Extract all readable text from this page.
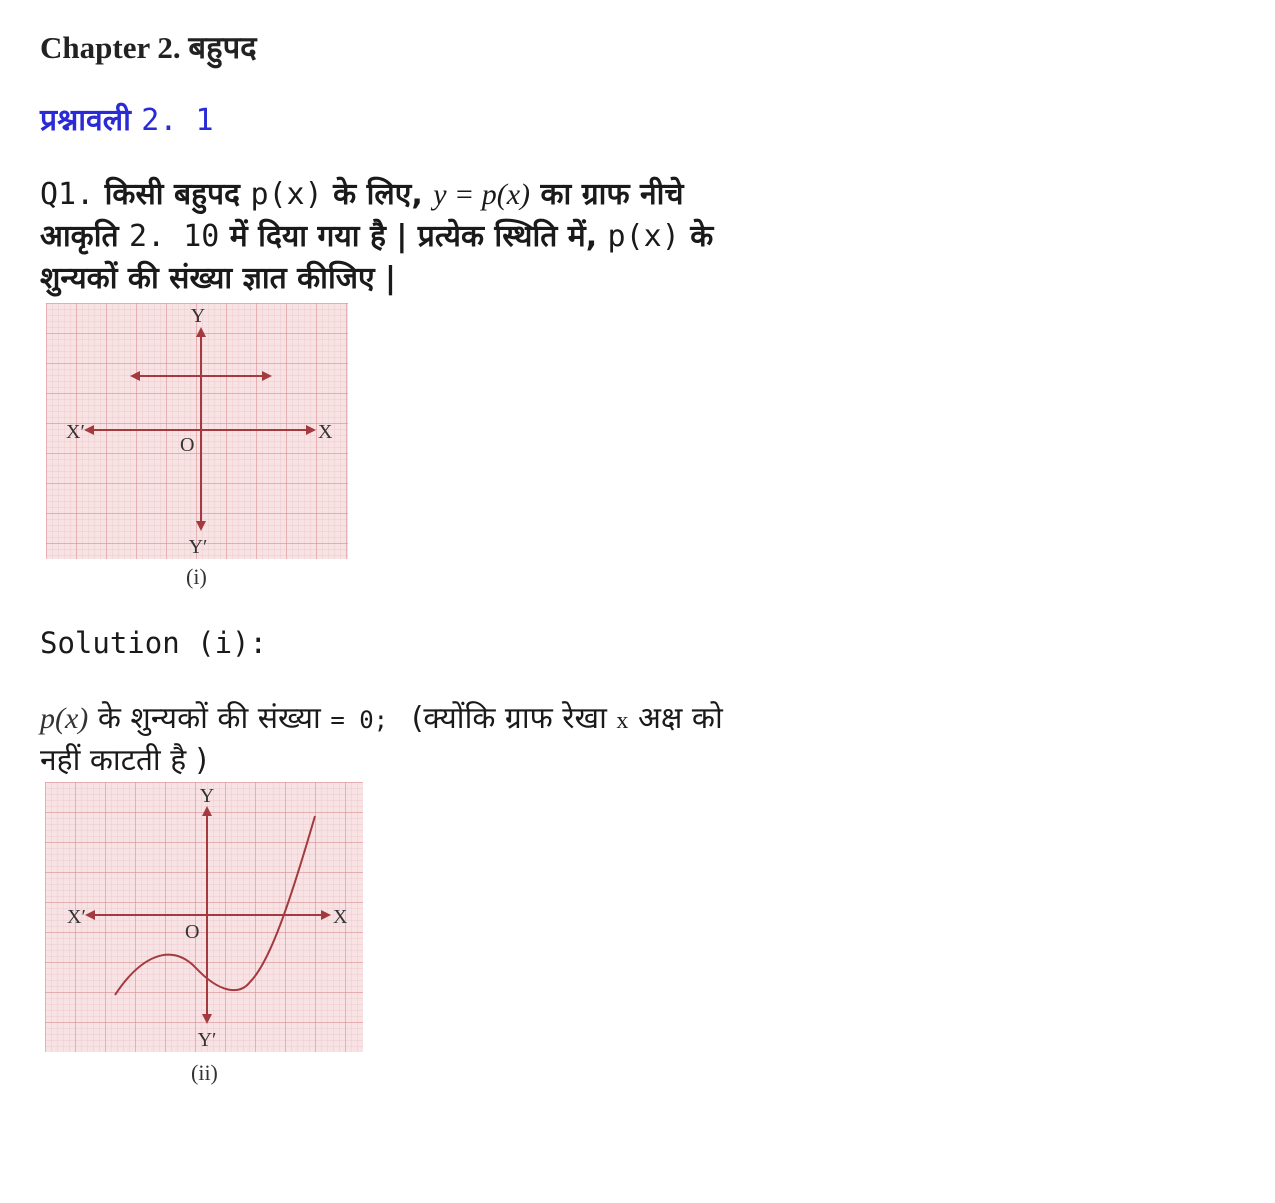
Chapter 2. बहुपद
प्रश्नावली 2. 1
Q1. किसी बहुपद p(x) के लिए, y = p(x) का ग्राफ नीचे
आकृति 2. 10 में दिया गया है | प्रत्येक स्थिति में, p(x) के
शुन्यकों की संख्या ज्ञात कीजिए |
Y
Y′
X′	X
O
(i)
Solution (i):
p(x) के शुन्यकों की संख्या = 0; (क्योंकि ग्राफ रेखा x अक्ष को
नहीं काटती है )
Y
Y′
X′	X
O
(ii)
